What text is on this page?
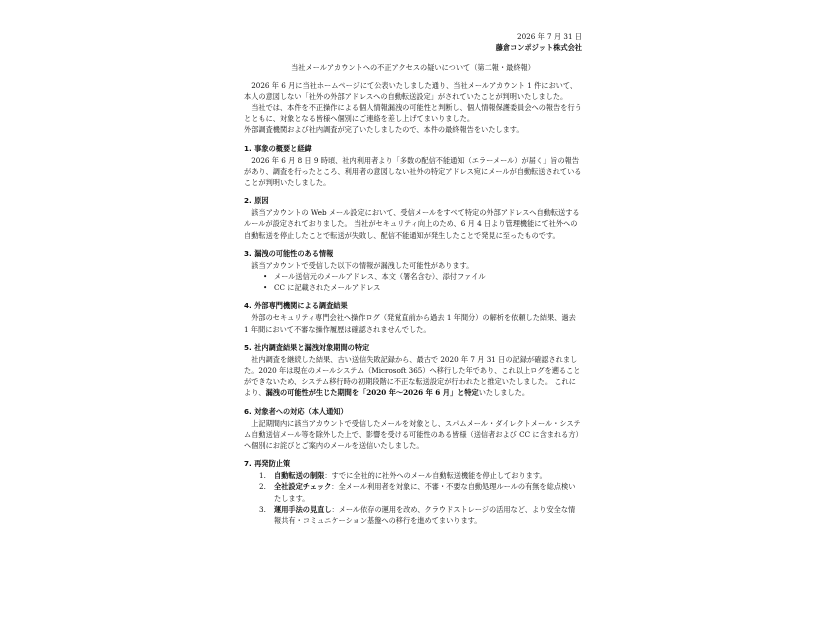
2026 年 7 月 31 日

藤倉コンポジット株式会社

当社メールアカウントへの不正アクセスの疑いについて（第二報・最終報）

2026 年 6 月に当社ホームページにて公表いたしました通り、当社メールアカウント 1 件において、本人の意図しない「社外の外部アドレスへの自動転送設定」がされていたことが判明いたしました。

当社では、本件を不正操作による個人情報漏洩の可能性と判断し、個人情報保護委員会への報告を行うとともに、対象となる皆様へ個別にご連絡を差し上げてまいりました。

外部調査機関および社内調査が完了いたしましたので、本件の最終報告をいたします。

1. 事象の概要と経緯

2026 年 6 月 8 日 9 時頃、社内利用者より「多数の配信不能通知（エラーメール）が届く」旨の報告があり、調査を行ったところ、利用者の意図しない社外の特定アドレス宛にメールが自動転送されていることが判明いたしました。

2. 原因

該当アカウントの Web メール設定において、受信メールをすべて特定の外部アドレスへ自動転送するルールが設定されておりました。 当社がセキュリティ向上のため、6 月 4 日より管理機能にて社外への自動転送を停止したことで転送が失敗し、配信不能通知が発生したことで発見に至ったものです。

3. 漏洩の可能性のある情報

該当アカウントで受信した以下の情報が漏洩した可能性があります。

• メール送信元のメールアドレス、本文（署名含む）、添付ファイル
• CC に記載されたメールアドレス
4. 外部専門機関による調査結果

外部のセキュリティ専門会社へ操作ログ（発覚直前から過去 1 年間分）の解析を依頼した結果、過去 1 年間において不審な操作履歴は確認されませんでした。

5. 社内調査結果と漏洩対象期間の特定

社内調査を継続した結果、古い送信失敗記録から、最古で 2020 年 7 月 31 日の記録が確認されました。2020 年は現在のメールシステム（Microsoft 365）へ移行した年であり、これ以上ログを遡ることができないため、システム移行時の初期段階に不正な転送設定が行われたと推定いたしました。 これにより、漏洩の可能性が生じた期間を「2020 年〜2026 年 6 月」と特定いたしました。

6. 対象者への対応（本人通知）

上記期間内に該当アカウントで受信したメールを対象とし、スパムメール・ダイレクトメール・システム自動送信メール等を除外した上で、影響を受ける可能性のある皆様（送信者および CC に含まれる方）へ個別にお詫びとご案内のメールを送信いたしました。

7. 再発防止策
1. 自動転送の制限：すでに全社的に社外へのメール自動転送機能を停止しております。
2. 全社設定チェック：全メール利用者を対象に、不審・不要な自動処理ルールの有無を総点検いたします。
3. 運用手法の見直し：メール依存の運用を改め、クラウドストレージの活用など、より安全な情報共有・コミュニケーション基盤への移行を進めてまいります。
